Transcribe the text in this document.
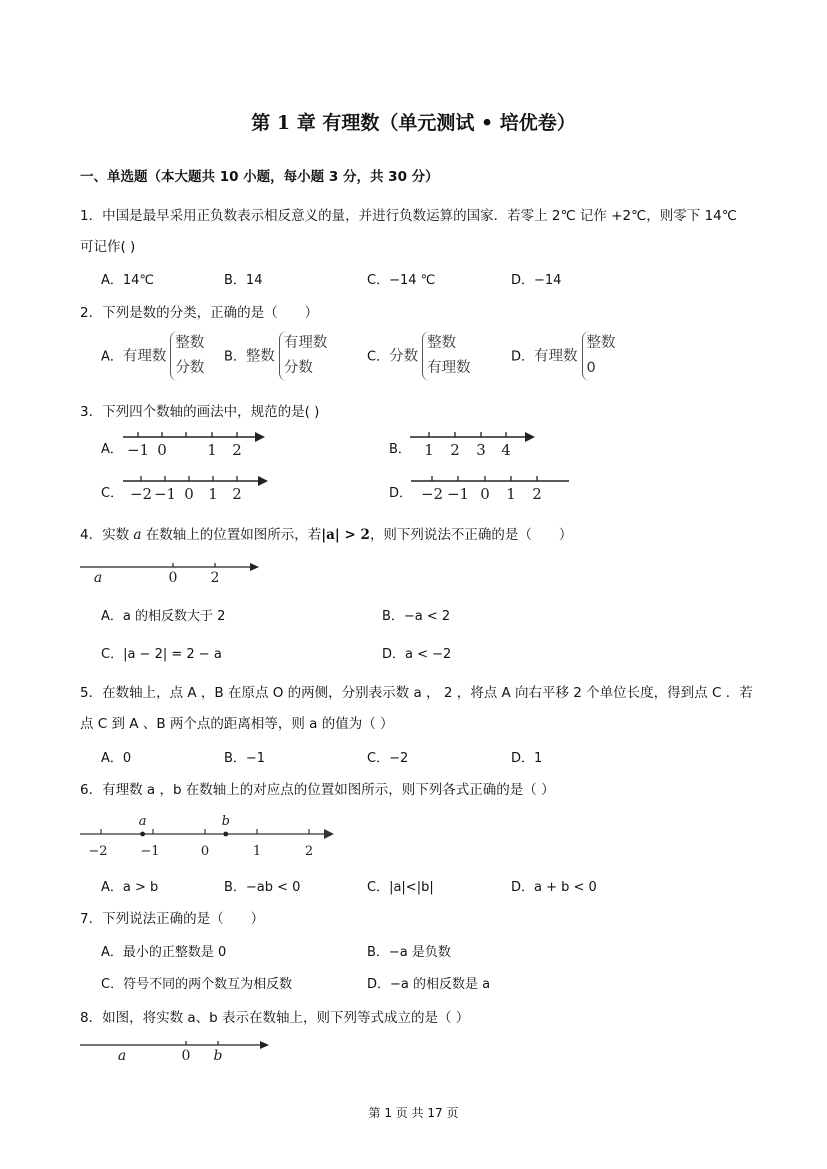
第 1 章 有理数（单元测试 • 培优卷）
一、单选题（本大题共 10 小题，每小题 3 分，共 30 分）
1．中国是最早采用正负数表示相反意义的量，并进行负数运算的国家．若零上 2℃ 记作 +2℃，则零下 14℃
可记作( )
A．14℃	B．14	C．−14 ℃	D．−14
2．下列是数的分类，正确的是（　　）
A．有理数整数
分数
B．整数有理数
分数
C．分数整数
有理数
D．有理数整数
0
3．下列四个数轴的画法中，规范的是( )
A．	B．
C．	D．
−1 0	1 2	1 2 3 4
−2 −1 0 1 2	−2 −1 0 1 2
4．实数 a 在数轴上的位置如图所示，若|a| > 2，则下列说法不正确的是（　　）
a	0 2
A．a 的相反数大于 2	B．−a < 2
C．|a − 2| = 2 − a	D．a < −2
5．在数轴上，点 A ，B 在原点 O 的两侧，分别表示数 a ， 2 ，将点 A 向右平移 2 个单位长度，得到点 C ．若
点 C 到 A 、B 两个点的距离相等，则 a 的值为（ ）
A．0	B．−1	C．−2	D．1
6．有理数 a ，b 在数轴上的对应点的位置如图所示，则下列各式正确的是（ ）
−2	−1	0	1	2
a	b
A．a > b	B．−ab < 0	C．|a|<|b|	D．a + b < 0
7．下列说法正确的是（　　）
A．最小的正整数是 0	B．−a 是负数
C．符号不同的两个数互为相反数	D．−a 的相反数是 a
8．如图，将实数 a、b 表示在数轴上，则下列等式成立的是（ ）
a	0 b
第 1 页 共 17 页
